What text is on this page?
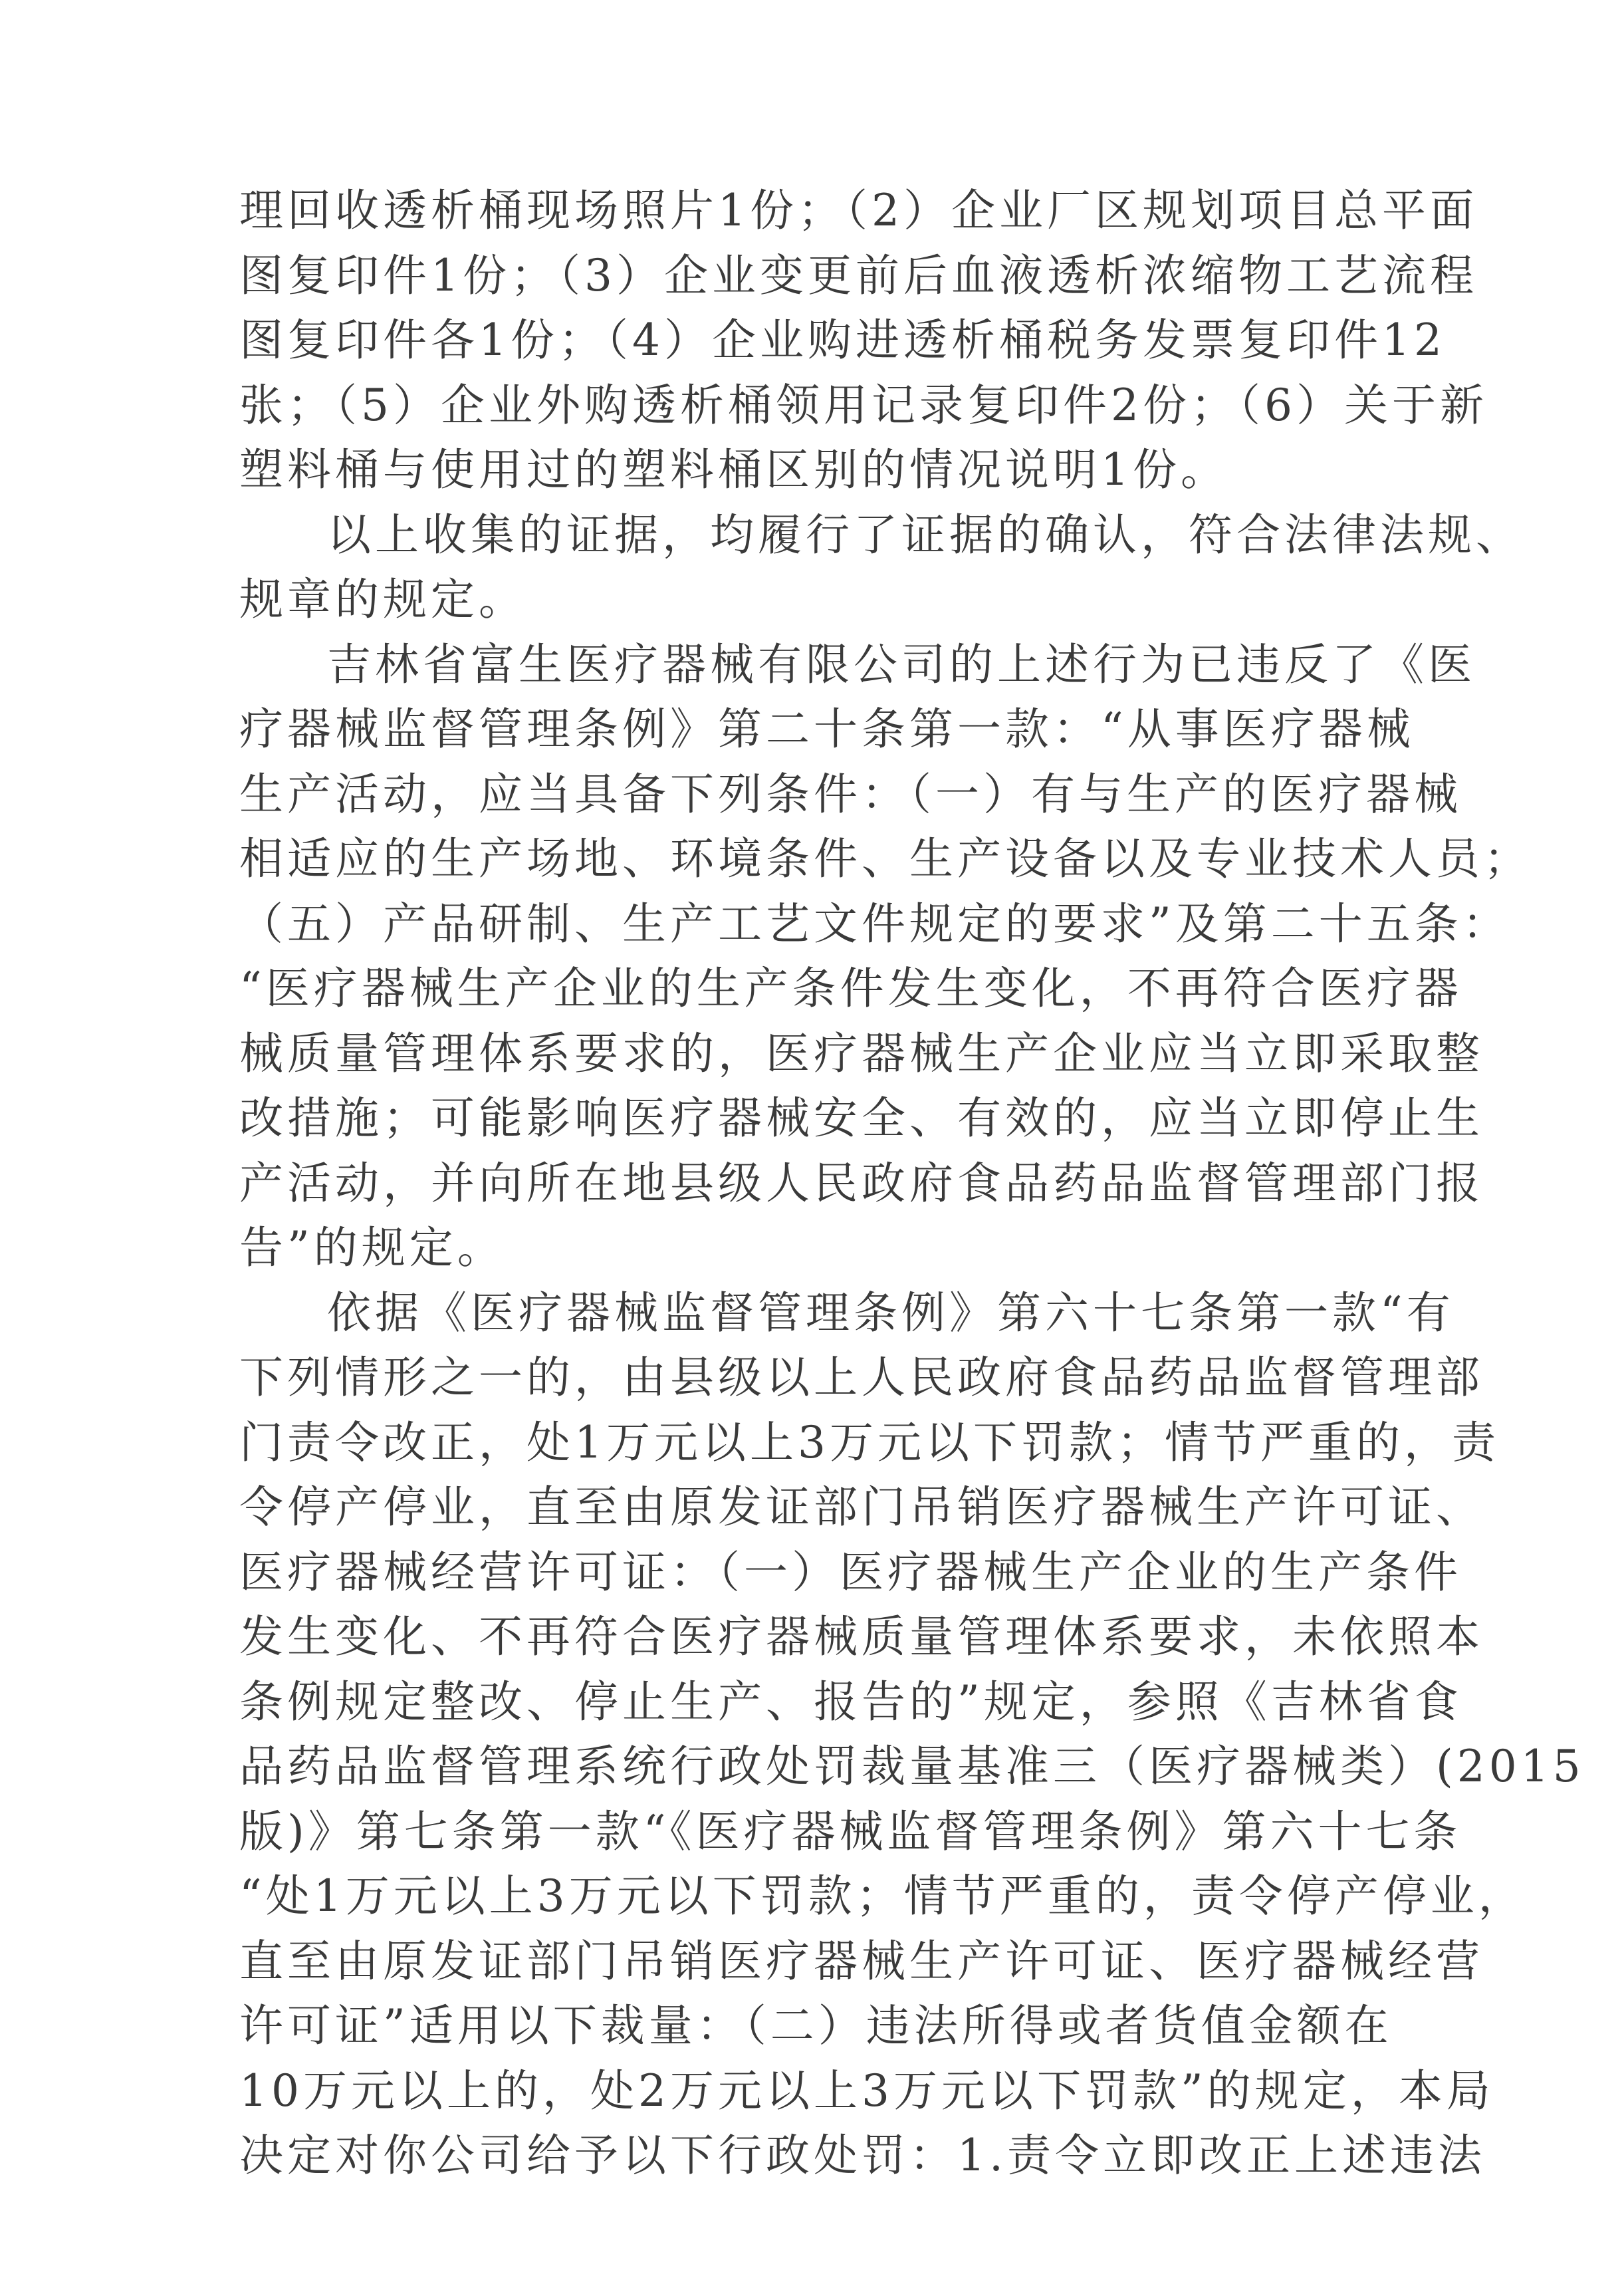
理回收透析桶现场照片1份；（2）企业厂区规划项目总平面
图复印件1份；（3）企业变更前后血液透析浓缩物工艺流程
图复印件各1份；（4）企业购进透析桶税务发票复印件12
张；（5）企业外购透析桶领用记录复印件2份；（6）关于新
塑料桶与使用过的塑料桶区别的情况说明1份。
以上收集的证据，均履行了证据的确认，符合法律法规、
规章的规定。
吉林省富生医疗器械有限公司的上述行为已违反了《医
疗器械监督管理条例》第二十条第一款：“从事医疗器械
生产活动，应当具备下列条件：（一）有与生产的医疗器械
相适应的生产场地、环境条件、生产设备以及专业技术人员；
（五）产品研制、生产工艺文件规定的要求”及第二十五条：
“医疗器械生产企业的生产条件发生变化，不再符合医疗器
械质量管理体系要求的，医疗器械生产企业应当立即采取整
改措施；可能影响医疗器械安全、有效的，应当立即停止生
产活动，并向所在地县级人民政府食品药品监督管理部门报
告”的规定。
依据《医疗器械监督管理条例》第六十七条第一款“有
下列情形之一的，由县级以上人民政府食品药品监督管理部
门责令改正，处1万元以上3万元以下罚款；情节严重的，责
令停产停业，直至由原发证部门吊销医疗器械生产许可证、
医疗器械经营许可证：（一）医疗器械生产企业的生产条件
发生变化、不再符合医疗器械质量管理体系要求，未依照本
条例规定整改、停止生产、报告的”规定，参照《吉林省食
品药品监督管理系统行政处罚裁量基准三（医疗器械类）(2015
版)》第七条第一款“《医疗器械监督管理条例》第六十七条
“处1万元以上3万元以下罚款；情节严重的，责令停产停业，
直至由原发证部门吊销医疗器械生产许可证、医疗器械经营
许可证”适用以下裁量：（二）违法所得或者货值金额在
10万元以上的，处2万元以上3万元以下罚款”的规定，本局
决定对你公司给予以下行政处罚：1.责令立即改正上述违法
